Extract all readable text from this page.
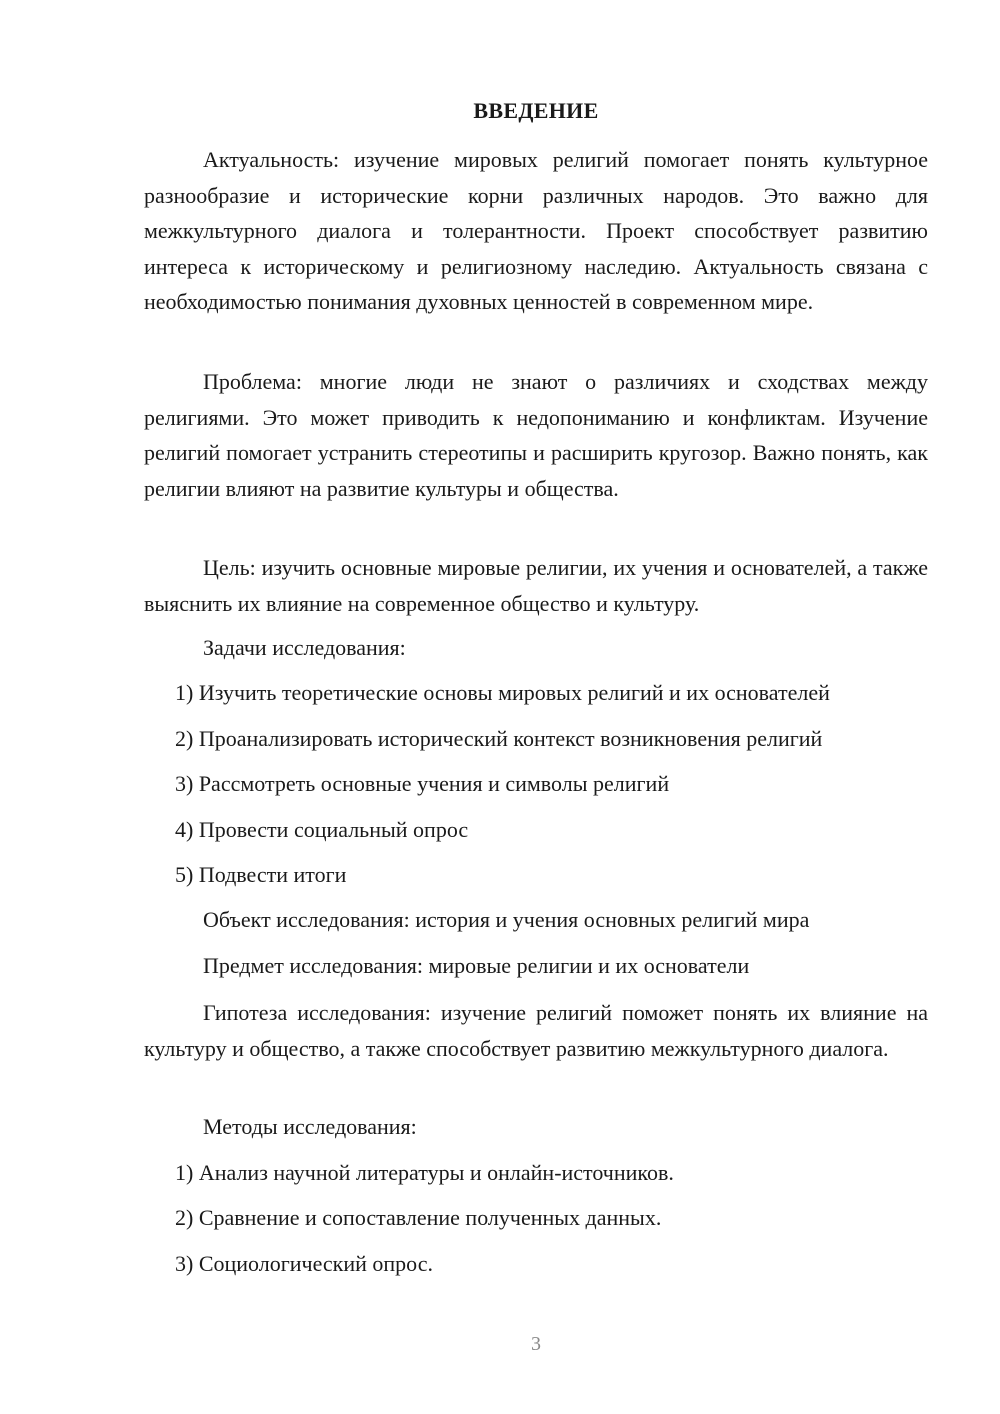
ВВЕДЕНИЕ

Актуальность: изучение мировых религий помогает понять культурное разнообразие и исторические корни различных народов. Это важно для межкультурного диалога и толерантности. Проект способствует развитию интереса к историческому и религиозному наследию. Актуальность связана с необходимостью понимания духовных ценностей в современном мире.

Проблема: многие люди не знают о различиях и сходствах между религиями. Это может приводить к недопониманию и конфликтам. Изучение религий помогает устранить стереотипы и расширить кругозор. Важно понять, как религии влияют на развитие культуры и общества.

Цель: изучить основные мировые религии, их учения и основателей, а также выяснить их влияние на современное общество и культуру.

Задачи исследования:
1) Изучить теоретические основы мировых религий и их основателей
2) Проанализировать исторический контекст возникновения религий
3) Рассмотреть основные учения и символы религий
4) Провести социальный опрос
5) Подвести итоги
Объект исследования: история и учения основных религий мира
Предмет исследования: мировые религии и их основатели

Гипотеза исследования: изучение религий поможет понять их влияние на культуру и общество, а также способствует развитию межкультурного диалога.

Методы исследования:
1) Анализ научной литературы и онлайн-источников.
2) Сравнение и сопоставление полученных данных.
3) Социологический опрос.
3
